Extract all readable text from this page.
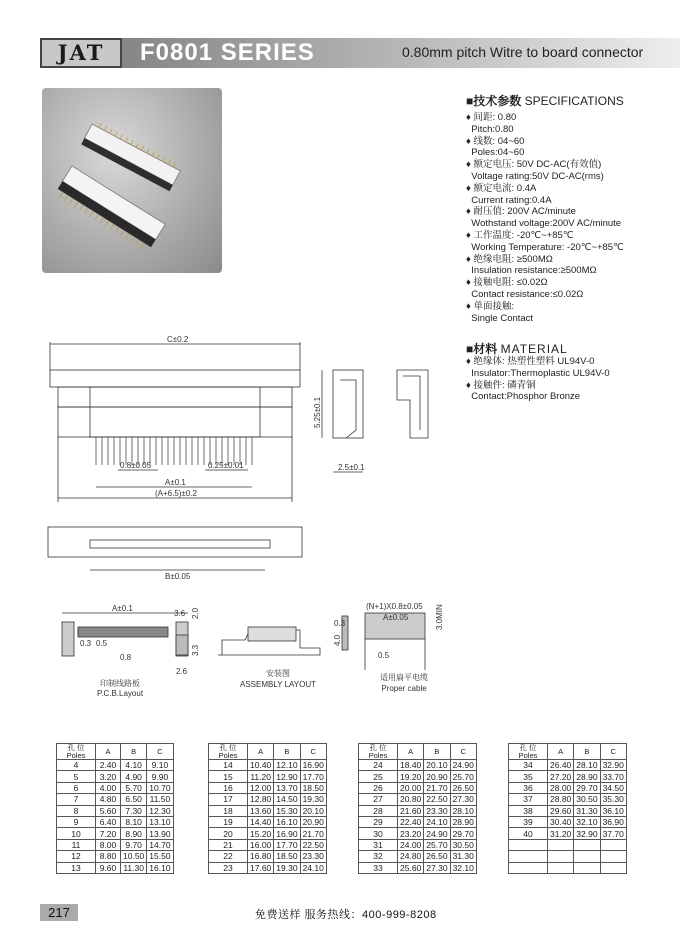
JAT	F0801 SERIES	0.80mm pitch Witre to board connector
■技术参数 SPECIFICATIONS
♦ 间距: 0.80
Pitch:0.80
♦ 线数: 04~60
Poles:04~60
♦ 额定电压: 50V DC-AC(有效值)
Voltage rating:50V DC-AC(rms)
♦ 额定电流: 0.4A
Current rating:0.4A
♦ 耐压值: 200V AC/minute
Wothstand voltage:200V AC/minute
♦ 工作温度: -20℃~+85℃
Working Temperature: -20℃~+85℃
♦ 绝缘电阻: ≥500MΩ
Insulation resistance:≥500MΩ
♦ 接触电阻: ≤0.02Ω
Contact resistance:≤0.02Ω
♦ 单面接触:
Single Contact
■材料 MATERIAL
♦ 绝缘体: 热塑性塑料 UL94V-0
Insulator:Thermoplastic UL94V-0
♦ 接触件: 磷青铜
Contact:Phosphor Bronze
C±0.2
0.8±0.05	0.25±0.01
A±0.1
(A+6.5)±0.2
B±0.05
5.25±0.1
2.5±0.1
A±0.1
3.6 2.0
0.3 0.5
0.8
3.3
2.6
(N+1)X0.8±0.05
A±0.05
0.3
4.0
3.0MIN
0.5
印制线路板
P.C.B.Layout
安装图
ASSEMBLY LAYOUT
适用扁平电缆
Proper cable
孔 位
Poles	A	B	C
4	2.40	4.10	9.10
5	3.20	4.90	9.90
6	4.00	5.70	10.70
7	4.80	6.50	11.50
8	5.60	7.30	12.30
9	6.40	8.10	13.10
10	7.20	8.90	13.90
11	8.00	9.70	14.70
12	8.80	10.50	15.50
13	9.60	11.30	16.10
孔 位
Poles	A	B	C
14	10.40	12.10	16.90
15	11.20	12.90	17.70
16	12.00	13.70	18.50
17	12.80	14.50	19.30
18	13.60	15.30	20.10
19	14.40	16.10	20.90
20	15.20	16.90	21.70
21	16.00	17.70	22.50
22	16.80	18.50	23.30
23	17.60	19.30	24.10
孔 位
Poles	A	B	C
24	18.40	20.10	24.90
25	19.20	20.90	25.70
26	20.00	21.70	26.50
27	20.80	22.50	27.30
28	21.60	23.30	28.10
29	22.40	24.10	28.90
30	23.20	24.90	29.70
31	24.00	25.70	30.50
32	24.80	26.50	31.30
33	25.60	27.30	32.10
孔 位
Poles	A	B	C
34	26.40	28.10	32.90
35	27.20	28.90	33.70
36	28.00	29.70	34.50
37	28.80	30.50	35.30
38	29.60	31.30	36.10
39	30.40	32.10	36.90
40	31.20	32.90	37.70

217	免费送样 服务热线：400-999-8208
